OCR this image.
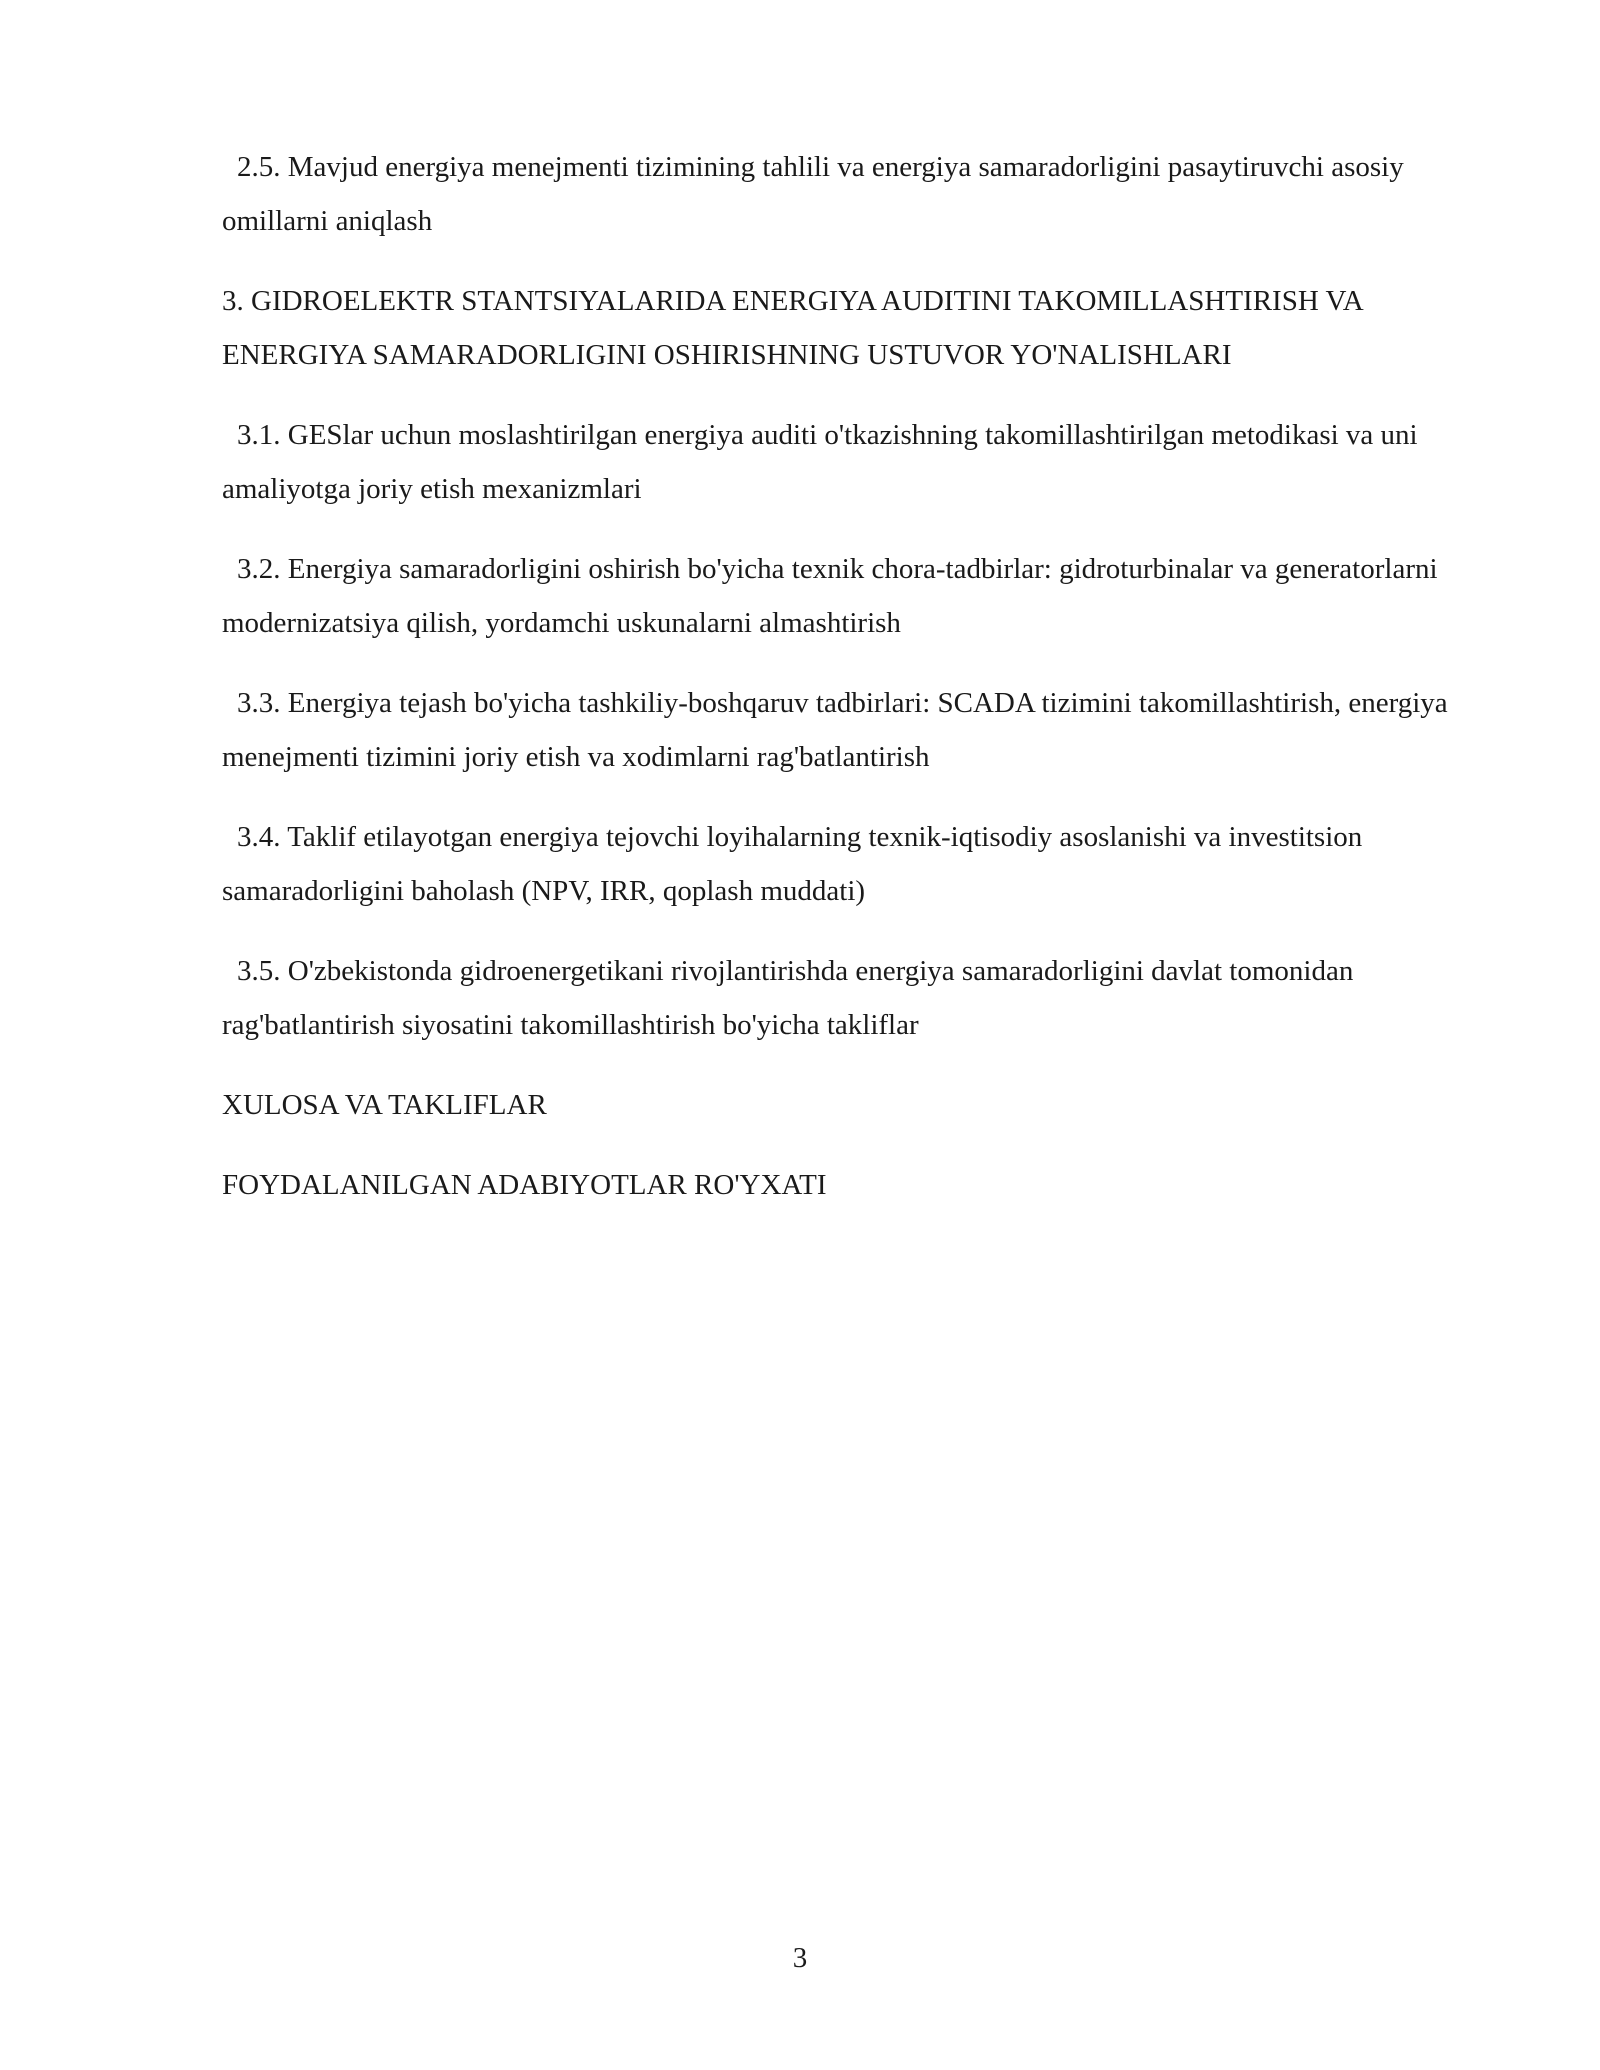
2.5. Mavjud energiya menejmenti tizimining tahlili va energiya samaradorligini pasaytiruvchi asosiy omillarni aniqlash

3. GIDROELEKTR STANTSIYALARIDA ENERGIYA AUDITINI TAKOMILLASHTIRISH VA ENERGIYA SAMARADORLIGINI OSHIRISHNING USTUVOR YO'NALISHLARI

3.1. GESlar uchun moslashtirilgan energiya auditi o'tkazishning takomillashtirilgan metodikasi va uni amaliyotga joriy etish mexanizmlari

3.2. Energiya samaradorligini oshirish bo'yicha texnik chora-tadbirlar: gidroturbinalar va generatorlarni modernizatsiya qilish, yordamchi uskunalarni almashtirish

3.3. Energiya tejash bo'yicha tashkiliy-boshqaruv tadbirlari: SCADA tizimini takomillashtirish, energiya menejmenti tizimini joriy etish va xodimlarni rag'batlantirish

3.4. Taklif etilayotgan energiya tejovchi loyihalarning texnik-iqtisodiy asoslanishi va investitsion samaradorligini baholash (NPV, IRR, qoplash muddati)

3.5. O'zbekistonda gidroenergetikani rivojlantirishda energiya samaradorligini davlat tomonidan rag'batlantirish siyosatini takomillashtirish bo'yicha takliflar

XULOSA VA TAKLIFLAR

FOYDALANILGAN ADABIYOTLAR RO'YXATI

3
